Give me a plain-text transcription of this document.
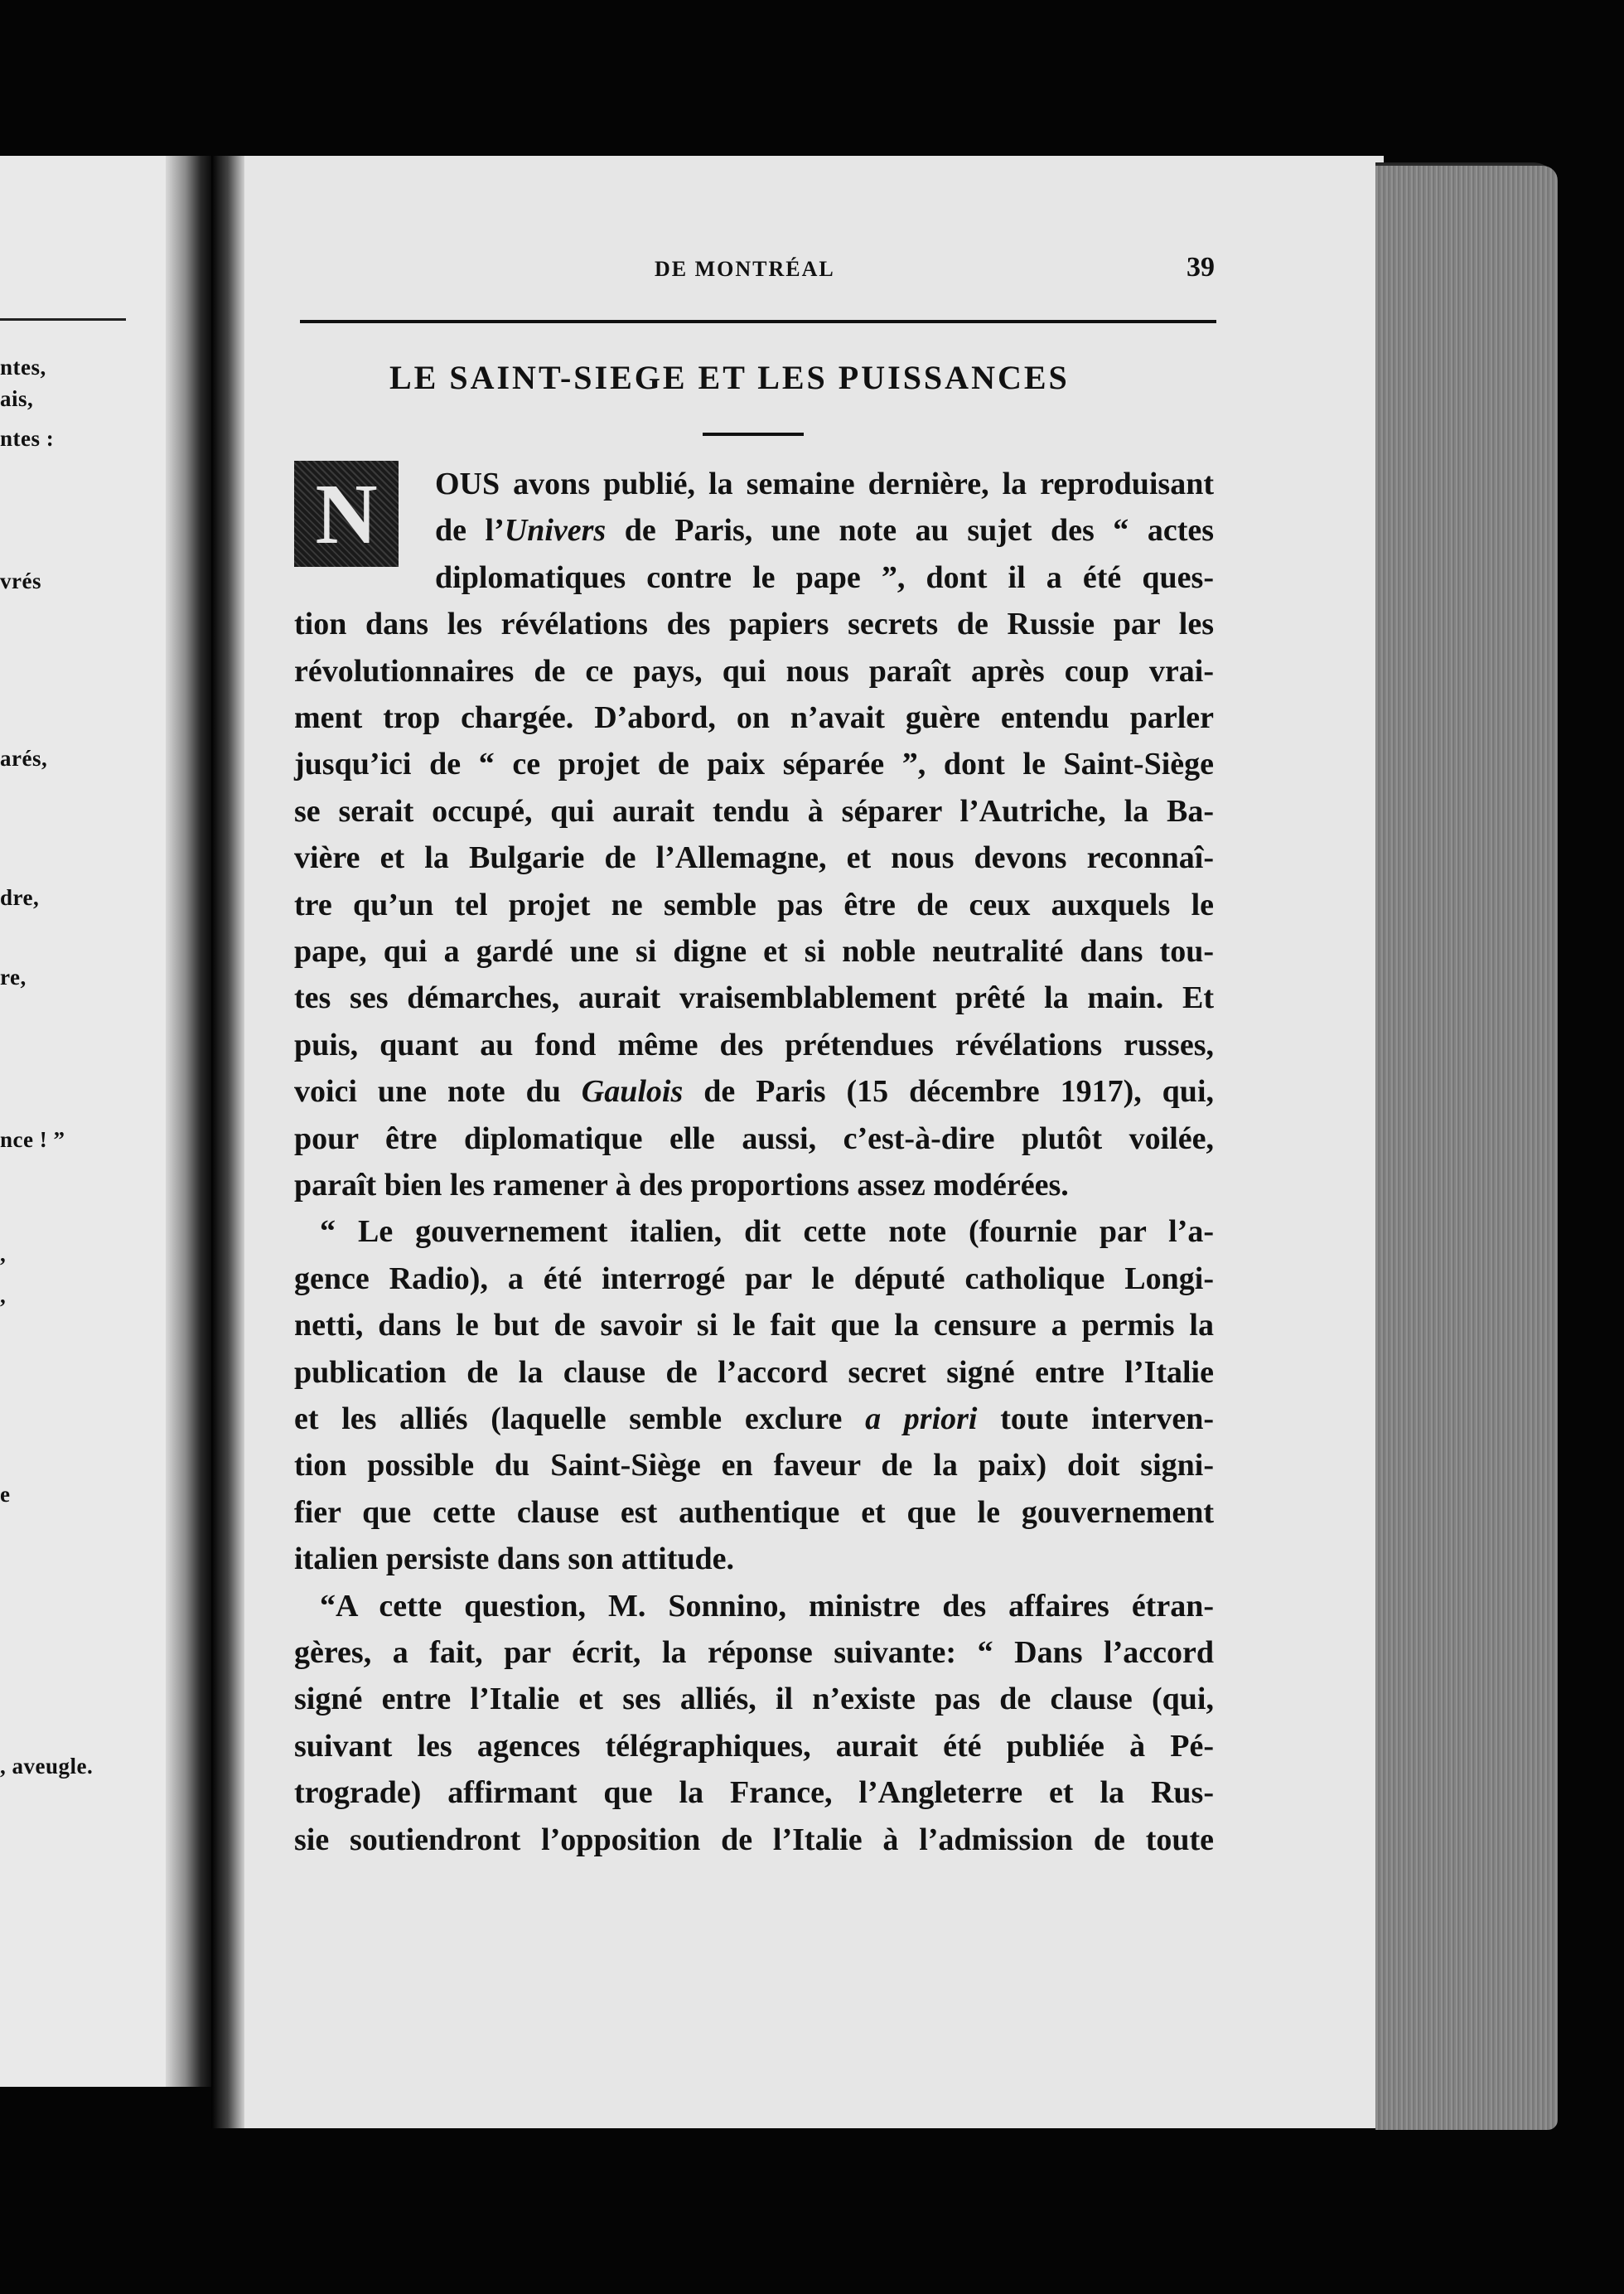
ntes,
ais,
ntes :
vrés
arés,
dre,
re,
nce ! ”
,
,
e
, aveugle.
DE MONTRÉAL	39
LE SAINT-SIEGE ET LES PUISSANCES
N	OUS avons publié, la semaine dernière, la reproduisant
de l’Univers de Paris, une note au sujet des “ actes
diplomatiques contre le pape ”, dont il a été ques-
tion dans les révélations des papiers secrets de Russie par les
révolutionnaires de ce pays, qui nous paraît après coup vrai-
ment trop chargée. D’abord, on n’avait guère entendu parler
jusqu’ici de “ ce projet de paix séparée ”, dont le Saint-Siège
se serait occupé, qui aurait tendu à séparer l’Autriche, la Ba-
vière et la Bulgarie de l’Allemagne, et nous devons reconnaî-
tre qu’un tel projet ne semble pas être de ceux auxquels le
pape, qui a gardé une si digne et si noble neutralité dans tou-
tes ses démarches, aurait vraisemblablement prêté la main. Et
puis, quant au fond même des prétendues révélations russes,
voici une note du Gaulois de Paris (15 décembre 1917), qui,
pour être diplomatique elle aussi, c’est-à-dire plutôt voilée,
paraît bien les ramener à des proportions assez modérées.
“ Le gouvernement italien, dit cette note (fournie par l’a-
gence Radio), a été interrogé par le député catholique Longi-
netti, dans le but de savoir si le fait que la censure a permis la
publication de la clause de l’accord secret signé entre l’Italie
et les alliés (laquelle semble exclure a priori toute interven-
tion possible du Saint-Siège en faveur de la paix) doit signi-
fier que cette clause est authentique et que le gouvernement
italien persiste dans son attitude.
“A cette question, M. Sonnino, ministre des affaires étran-
gères, a fait, par écrit, la réponse suivante: “ Dans l’accord
signé entre l’Italie et ses alliés, il n’existe pas de clause (qui,
suivant les agences télégraphiques, aurait été publiée à Pé-
trograde) affirmant que la France, l’Angleterre et la Rus-
sie soutiendront l’opposition de l’Italie à l’admission de toute
